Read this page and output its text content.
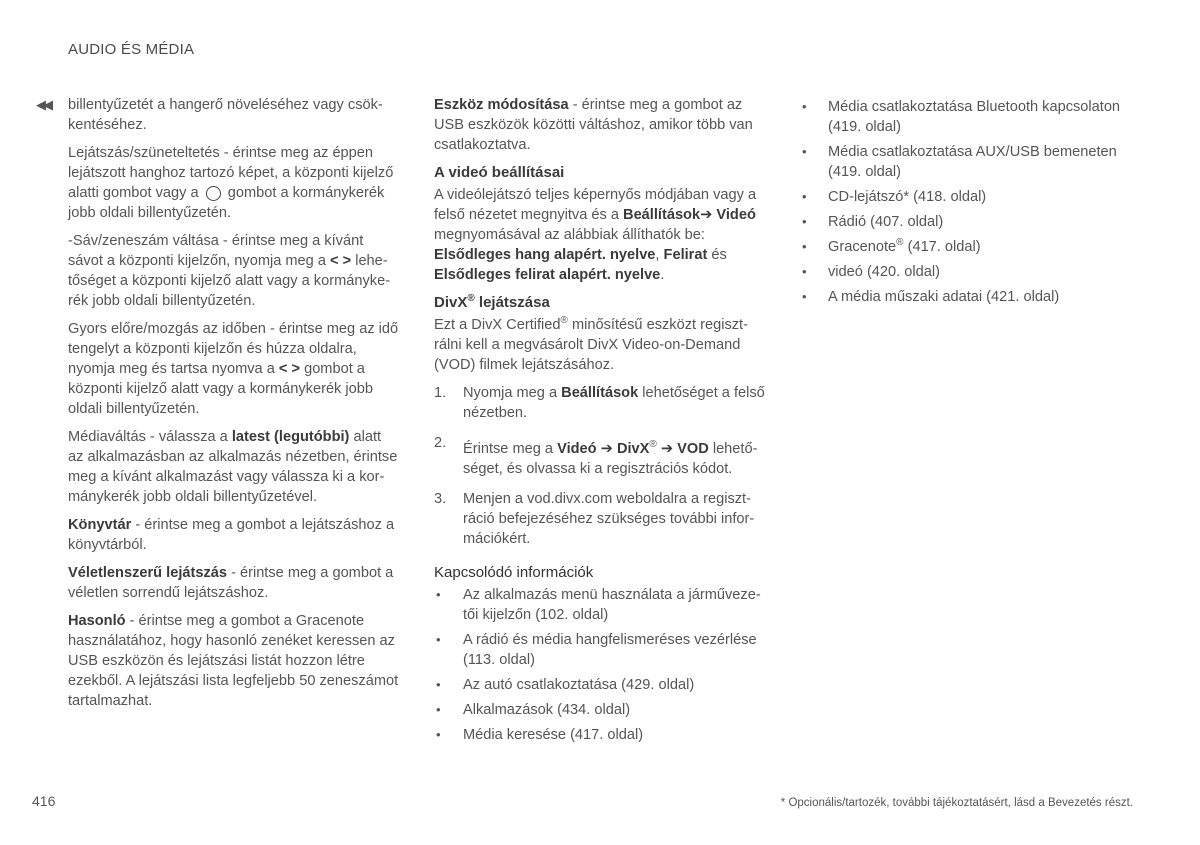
AUDIO ÉS MÉDIA
◀◀ billentyűzetét a hangerő növeléséhez vagy csökkentéséhez.

Lejátszás/szüneteltetés - érintse meg az éppen lejátszott hanghoz tartozó képet, a központi kijelző alatti gombot vagy a gombot a kormánykerék jobb oldali billentyűzetén.

-Sáv/zeneszám váltása - érintse meg a kívánt sávot a központi kijelzőn, nyomja meg a < > lehetőséget a központi kijelző alatt vagy a kormánykerék jobb oldali billentyűzetén.

Gyors előre/mozgás az időben - érintse meg az idő tengelyt a központi kijelzőn és húzza oldalra, nyomja meg és tartsa nyomva a < > gombot a központi kijelző alatt vagy a kormánykerék jobb oldali billentyűzetén.

Médiaváltás - válassza a latest (legutóbbi) alatt az alkalmazásban az alkalmazás nézetben, érintse meg a kívánt alkalmazást vagy válassza ki a kormánykerék jobb oldali billentyűzetével.

Könyvtár - érintse meg a gombot a lejátszáshoz a könyvtárból.

Véletlenszerű lejátszás - érintse meg a gombot a véletlen sorrendű lejátszáshoz.

Hasonló - érintse meg a gombot a Gracenote használatához, hogy hasonló zenéket keressen az USB eszközön és lejátszási listát hozzon létre ezekből. A lejátszási lista legfeljebb 50 zeneszámot tartalmazhat.

Eszköz módosítása - érintse meg a gombot az USB eszközök közötti váltáshoz, amikor több van csatlakoztatva.

A videó beállításai

A videólejátszó teljes képernyős módjában vagy a felső nézetet megnyitva és a Beállítások➔ Videó megnyomásával az alábbiak állíthatók be: Elsődleges hang alapért. nyelve, Felirat és Elsődleges felirat alapért. nyelve.

DivX® lejátszása

Ezt a DivX Certified® minősítésű eszközt regisztrálni kell a megvásárolt DivX Video-on-Demand (VOD) filmek lejátszásához.

1. Nyomja meg a Beállítások lehetőséget a felső nézetben.
2. Érintse meg a Videó ➔ DivX® ➔ VOD lehetőséget, és olvassa ki a regisztrációs kódot.
3. Menjen a vod.divx.com weboldalra a regisztráció befejezéséhez szükséges további információkért.
Kapcsolódó információk
• Az alkalmazás menü használata a járművezetői kijelzőn (102. oldal)
• A rádió és média hangfelismeréses vezérlése (113. oldal)
• Az autó csatlakoztatása (429. oldal)
• Alkalmazások (434. oldal)
• Média keresése (417. oldal)
• Média csatlakoztatása Bluetooth kapcsolaton (419. oldal)
• Média csatlakoztatása AUX/USB bemeneten (419. oldal)
• CD-lejátszó* (418. oldal)
• Rádió (407. oldal)
• Gracenote® (417. oldal)
• videó (420. oldal)
• A média műszaki adatai (421. oldal)
416	* Opcionális/tartozék, további tájékoztatásért, lásd a Bevezetés részt.
